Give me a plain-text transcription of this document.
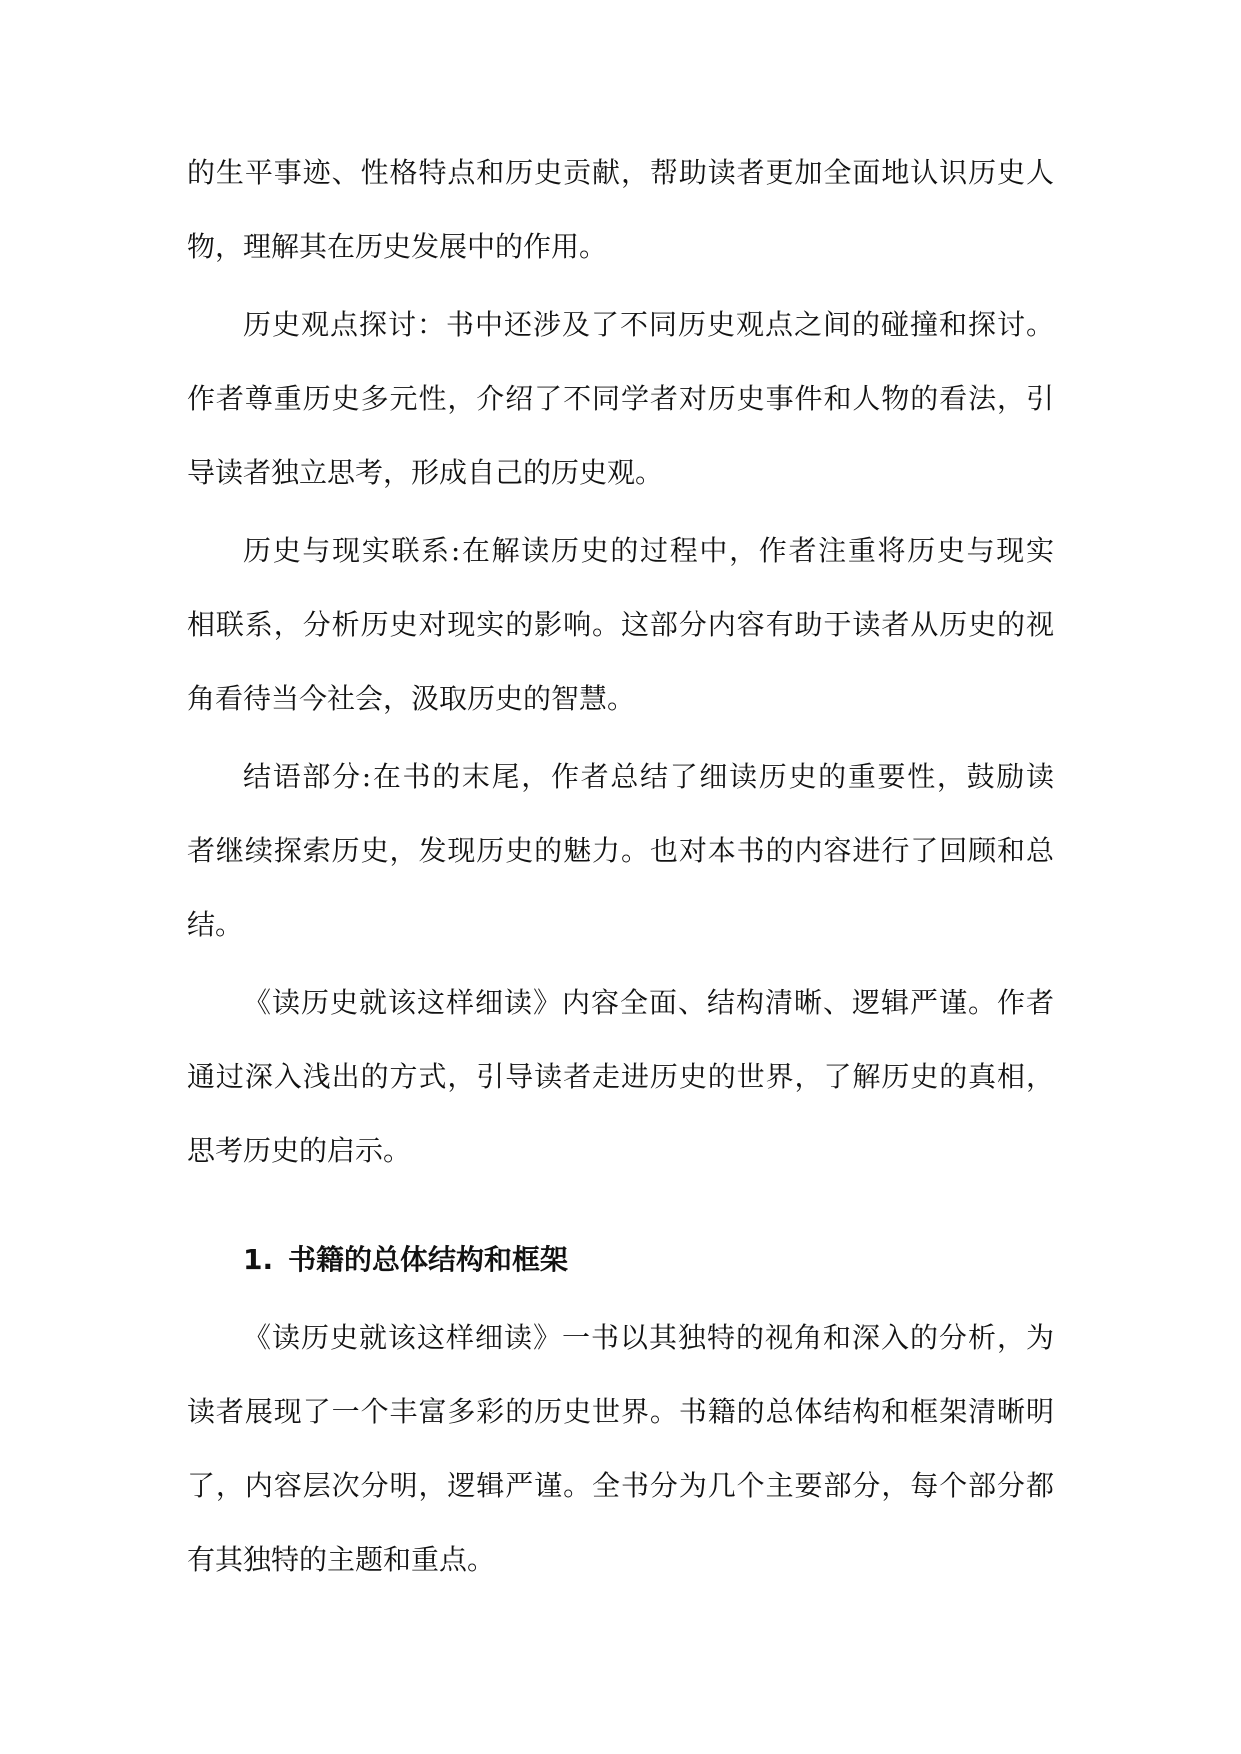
的生平事迹、性格特点和历史贡献，帮助读者更加全面地认识历史人
物，理解其在历史发展中的作用。
历史观点探讨：书中还涉及了不同历史观点之间的碰撞和探讨。
作者尊重历史多元性，介绍了不同学者对历史事件和人物的看法，引
导读者独立思考，形成自己的历史观。
历史与现实联系:在解读历史的过程中，作者注重将历史与现实
相联系，分析历史对现实的影响。这部分内容有助于读者从历史的视
角看待当今社会，汲取历史的智慧。
结语部分:在书的末尾，作者总结了细读历史的重要性，鼓励读
者继续探索历史，发现历史的魅力。也对本书的内容进行了回顾和总
结。
《读历史就该这样细读》内容全面、结构清晰、逻辑严谨。作者
通过深入浅出的方式，引导读者走进历史的世界，了解历史的真相，
思考历史的启示。
1. 书籍的总体结构和框架
《读历史就该这样细读》一书以其独特的视角和深入的分析，为
读者展现了一个丰富多彩的历史世界。书籍的总体结构和框架清晰明
了，内容层次分明，逻辑严谨。全书分为几个主要部分，每个部分都
有其独特的主题和重点。
